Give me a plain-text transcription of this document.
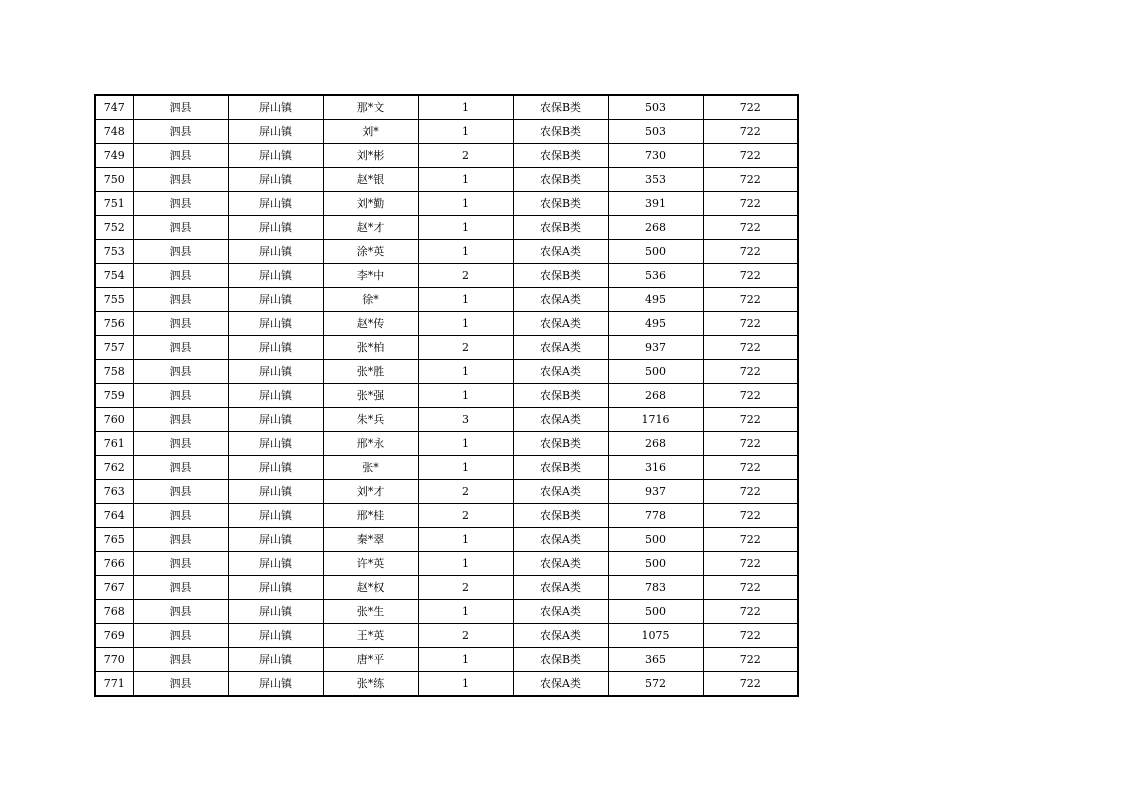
747	泗县	屏山镇	那*文	1	农保B类	503	722
748	泗县	屏山镇	刘*	1	农保B类	503	722
749	泗县	屏山镇	刘*彬	2	农保B类	730	722
750	泗县	屏山镇	赵*银	1	农保B类	353	722
751	泗县	屏山镇	刘*勤	1	农保B类	391	722
752	泗县	屏山镇	赵*才	1	农保B类	268	722
753	泗县	屏山镇	涂*英	1	农保A类	500	722
754	泗县	屏山镇	李*中	2	农保B类	536	722
755	泗县	屏山镇	徐*	1	农保A类	495	722
756	泗县	屏山镇	赵*传	1	农保A类	495	722
757	泗县	屏山镇	张*柏	2	农保A类	937	722
758	泗县	屏山镇	张*胜	1	农保A类	500	722
759	泗县	屏山镇	张*强	1	农保B类	268	722
760	泗县	屏山镇	朱*兵	3	农保A类	1716	722
761	泗县	屏山镇	邢*永	1	农保B类	268	722
762	泗县	屏山镇	张*	1	农保B类	316	722
763	泗县	屏山镇	刘*才	2	农保A类	937	722
764	泗县	屏山镇	邢*桂	2	农保B类	778	722
765	泗县	屏山镇	秦*翠	1	农保A类	500	722
766	泗县	屏山镇	许*英	1	农保A类	500	722
767	泗县	屏山镇	赵*权	2	农保A类	783	722
768	泗县	屏山镇	张*生	1	农保A类	500	722
769	泗县	屏山镇	王*英	2	农保A类	1075	722
770	泗县	屏山镇	唐*平	1	农保B类	365	722
771	泗县	屏山镇	张*练	1	农保A类	572	722
